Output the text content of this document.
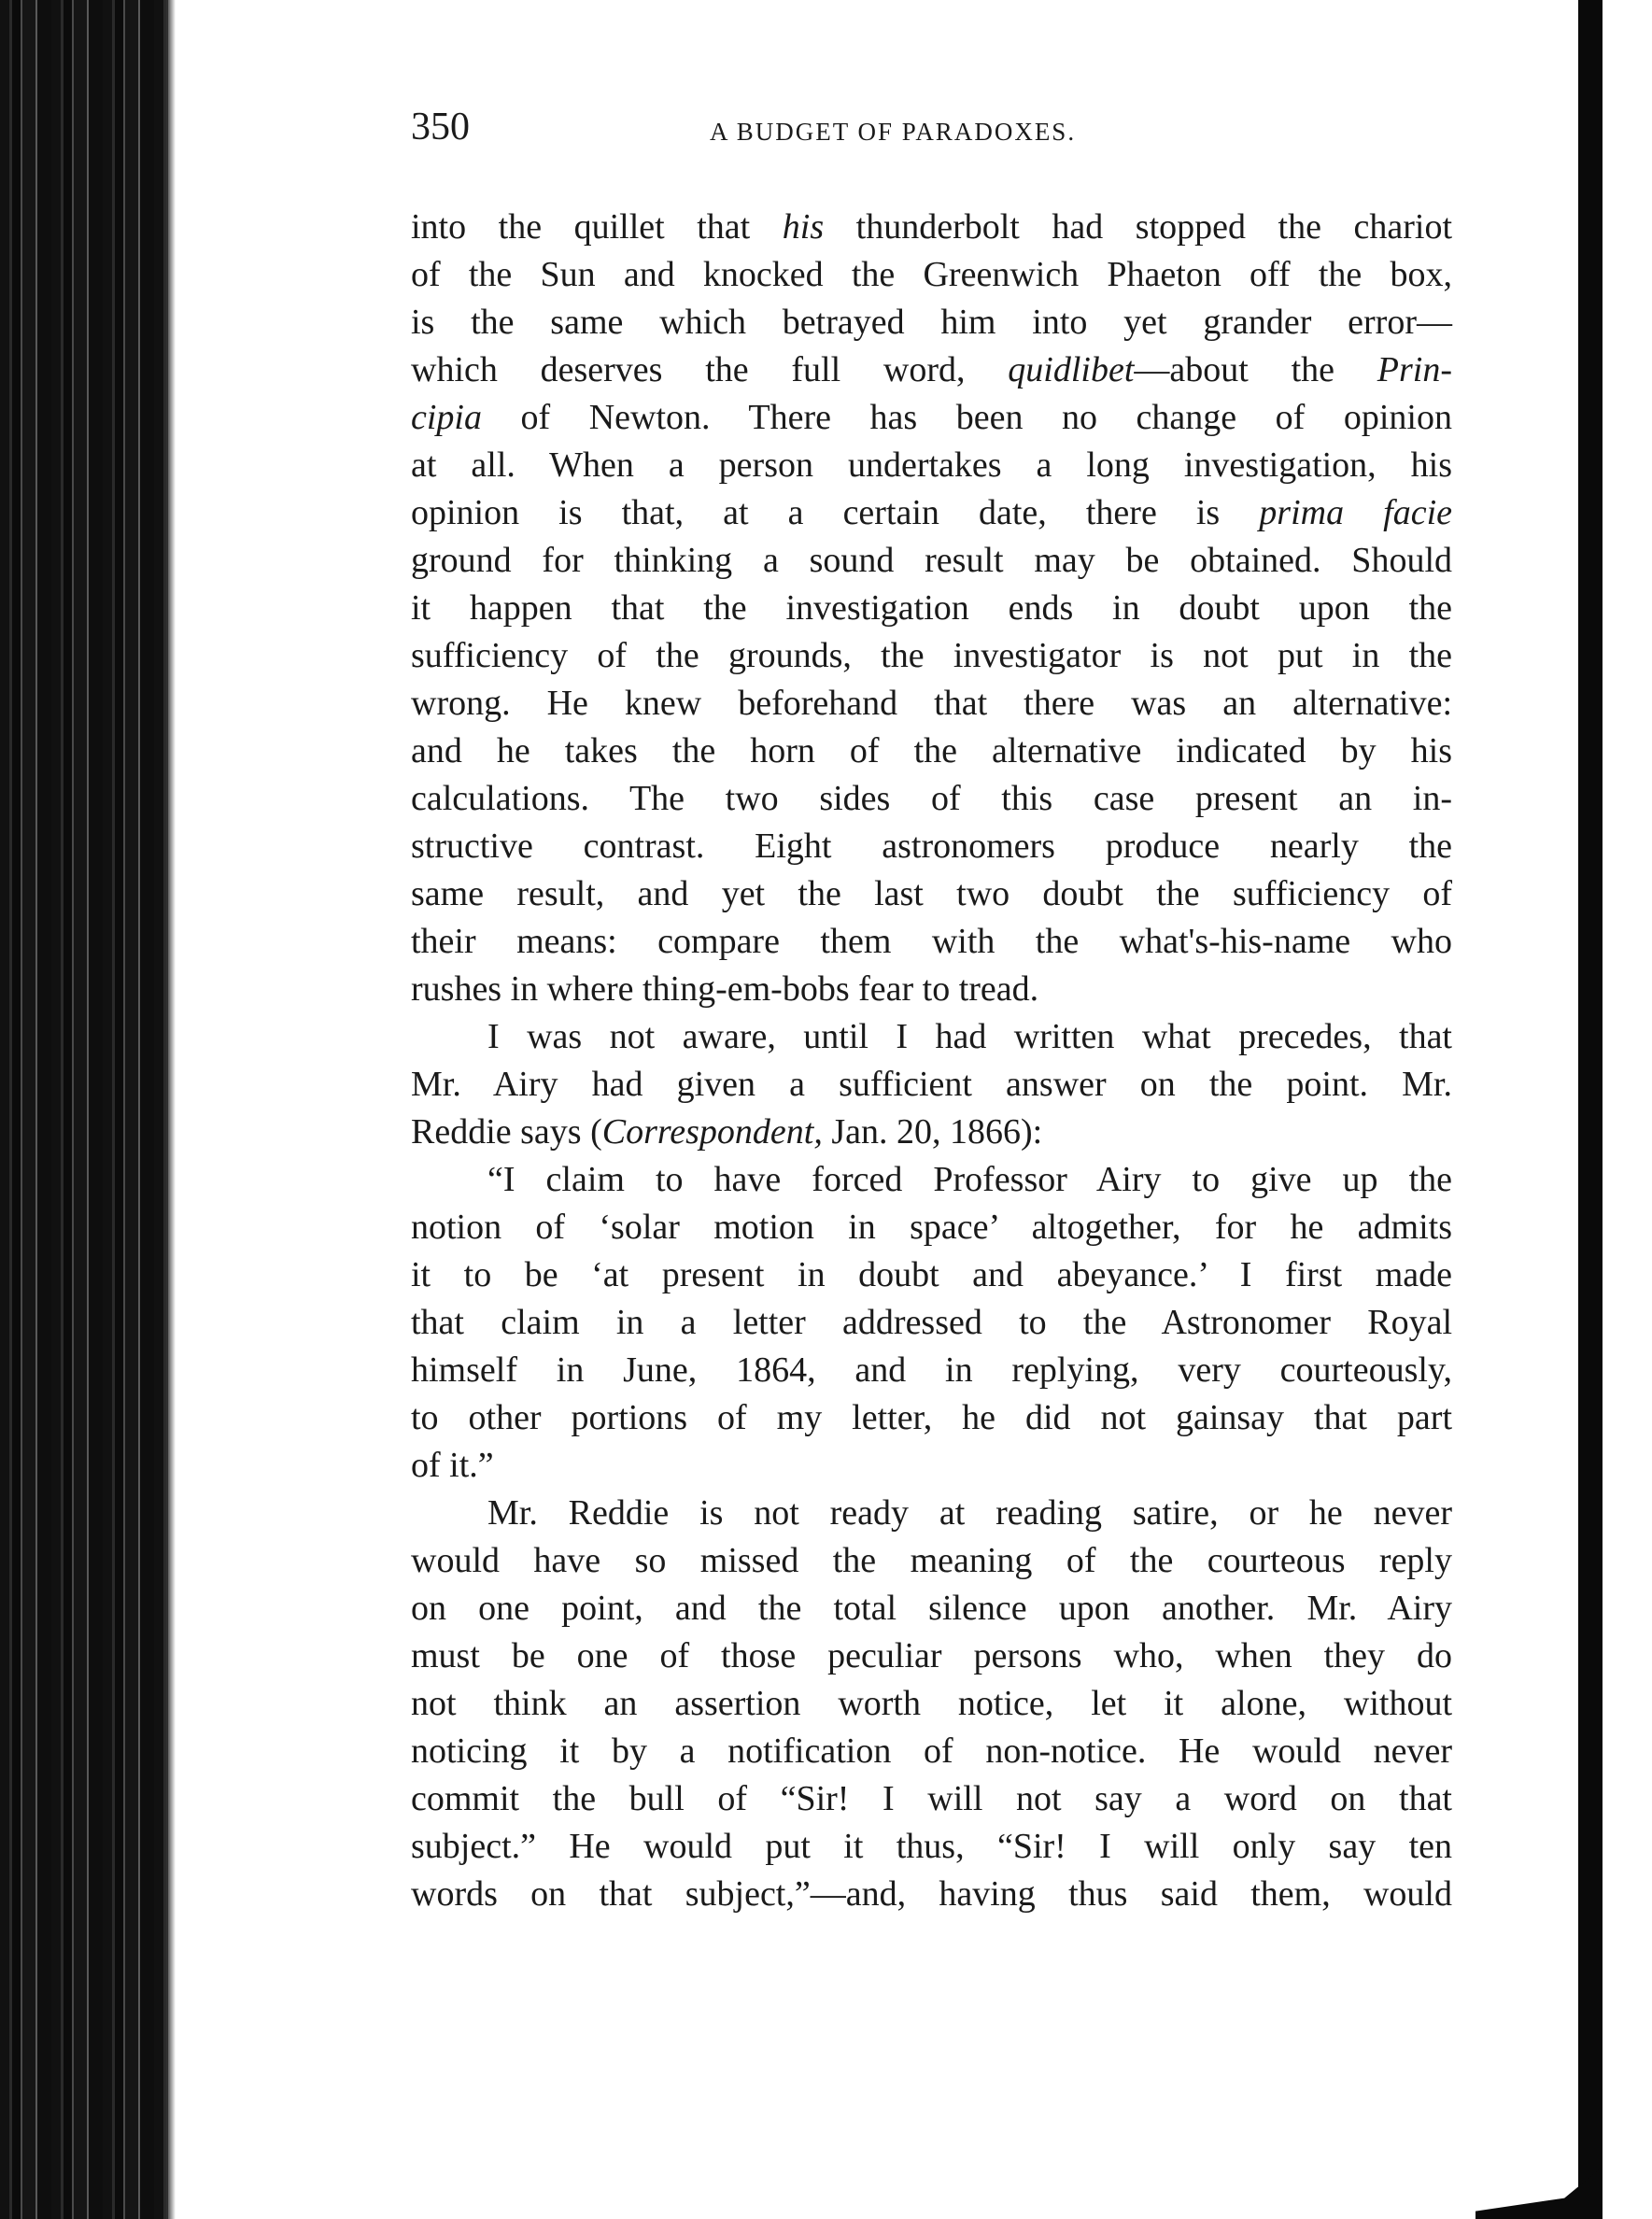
350	A BUDGET OF PARADOXES.
into the quillet that his thunderbolt had stopped the chariot
of the Sun and knocked the Greenwich Phaeton off the box,
is the same which betrayed him into yet grander error—
which deserves the full word, quidlibet—about the Prin-
cipia of Newton. There has been no change of opinion
at all. When a person undertakes a long investigation, his
opinion is that, at a certain date, there is prima facie
ground for thinking a sound result may be obtained. Should
it happen that the investigation ends in doubt upon the
sufficiency of the grounds, the investigator is not put in the
wrong. He knew beforehand that there was an alternative:
and he takes the horn of the alternative indicated by his
calculations. The two sides of this case present an in-
structive contrast. Eight astronomers produce nearly the
same result, and yet the last two doubt the sufficiency of
their means: compare them with the what's-his-name who
rushes in where thing-em-bobs fear to tread.
I was not aware, until I had written what precedes, that
Mr. Airy had given a sufficient answer on the point. Mr.
Reddie says (Correspondent, Jan. 20, 1866):
“I claim to have forced Professor Airy to give up the
notion of ‘solar motion in space’ altogether, for he admits
it to be ‘at present in doubt and abeyance.’ I first made
that claim in a letter addressed to the Astronomer Royal
himself in June, 1864, and in replying, very courteously,
to other portions of my letter, he did not gainsay that part
of it.”
Mr. Reddie is not ready at reading satire, or he never
would have so missed the meaning of the courteous reply
on one point, and the total silence upon another. Mr. Airy
must be one of those peculiar persons who, when they do
not think an assertion worth notice, let it alone, without
noticing it by a notification of non-notice. He would never
commit the bull of “Sir! I will not say a word on that
subject.” He would put it thus, “Sir! I will only say ten
words on that subject,”—and, having thus said them, would
